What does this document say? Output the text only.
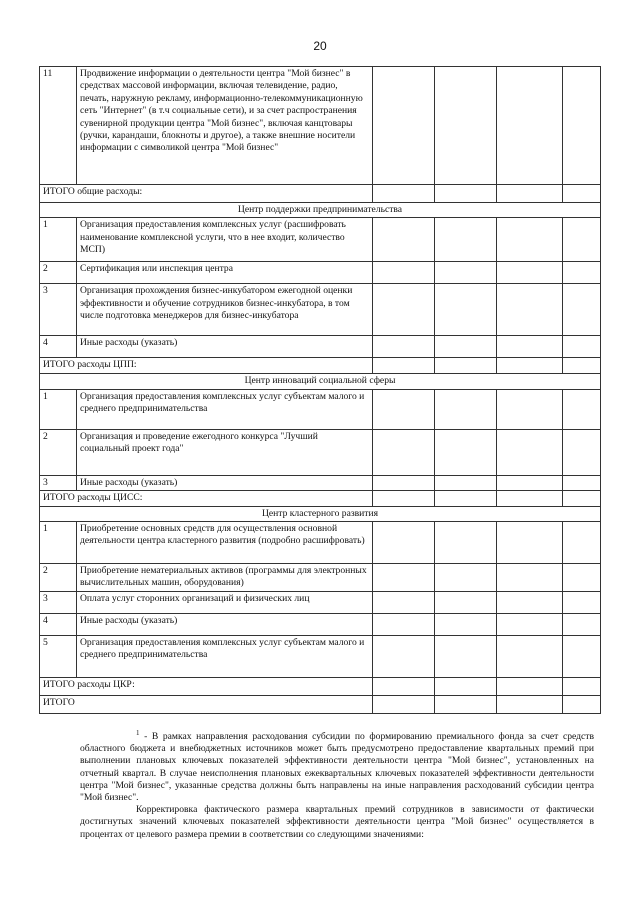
20
11	Продвижение информации о деятельности центра "Мой бизнес" в средствах массовой информации, включая телевидение, радио, печать, наружную рекламу, информационно-телекоммуникационную сеть "Интернет" (в т.ч социальные сети), и за счет распространения сувенирной продукции центра "Мой бизнес", включая канцтовары (ручки, карандаши, блокноты и другое), а также внешние носители информации с символикой центра "Мой бизнес"				
ИТОГО общие расходы:					
Центр поддержки предпринимательства					
1	Организация предоставления комплексных услуг (расшифровать наименование комплексной услуги, что в нее входит, количество МСП)				
2	Сертификация или инспекция центра				
3	Организация прохождения бизнес-инкубатором ежегодной оценки эффективности и обучение сотрудников бизнес-инкубатора, в том числе подготовка менеджеров для бизнес-инкубатора				
4	Иные расходы (указать)				
ИТОГО расходы ЦПП:					
Центр инноваций социальной сферы					
1	Организация предоставления комплексных услуг субъектам малого и среднего предпринимательства				
2	Организация и проведение ежегодного конкурса "Лучший социальный проект года"				
3	Иные расходы (указать)				
ИТОГО расходы ЦИСС:					
Центр кластерного развития					
1	Приобретение основных средств для осуществления основной деятельности центра кластерного развития (подробно расшифровать)				
2	Приобретение нематериальных активов (программы для электронных вычислительных машин, оборудования)				
3	Оплата услуг сторонних организаций и физических лиц				
4	Иные расходы (указать)				
5	Организация предоставления комплексных услуг субъектам малого и среднего предпринимательства				
ИТОГО расходы ЦКР:					
ИТОГО					

$^1$ - В рамках направления расходования субсидии по формированию премиального фонда за счет средств областного бюджета и внебюджетных источников может быть предусмотрено предоставление квартальных премий при выполнении плановых ключевых показателей эффективности деятельности центра "Мой бизнес", установленных на отчетный квартал. В случае неисполнения плановых ежеквартальных ключевых показателей эффективности деятельности центра "Мой бизнес", указанные средства должны быть направлены на иные направления расходований субсидии центра "Мой бизнес".

Корректировка фактического размера квартальных премий сотрудников в зависимости от фактически достигнутых значений ключевых показателей эффективности деятельности центра "Мой бизнес" осуществляется в процентах от целевого размера премии в соответствии со следующими значениями:
